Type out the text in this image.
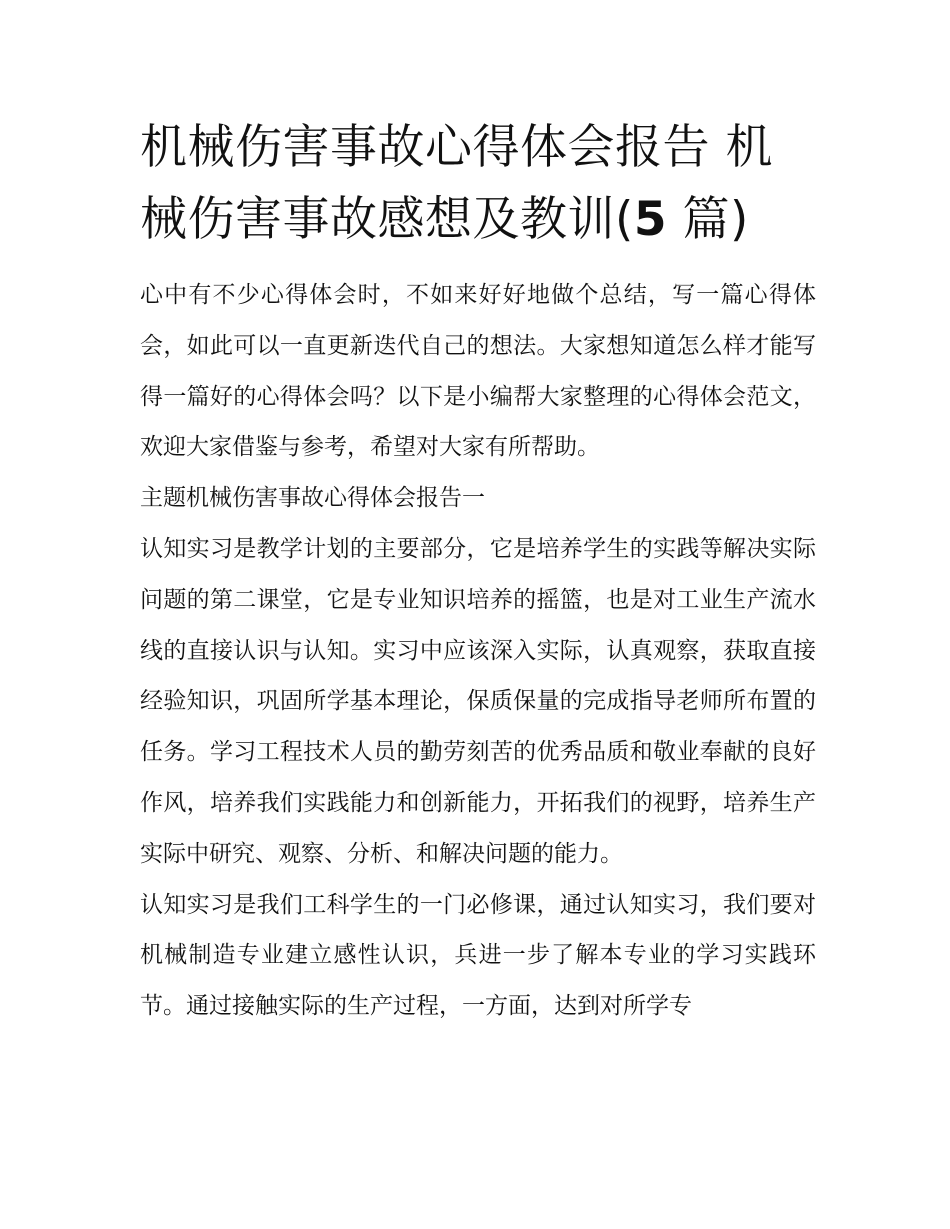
机械伤害事故心得体会报告 机械伤害事故感想及教训(5 篇)

心中有不少心得体会时，不如来好好地做个总结，写一篇心得体会，如此可以一直更新迭代自己的想法。大家想知道怎么样才能写得一篇好的心得体会吗？以下是小编帮大家整理的心得体会范文，欢迎大家借鉴与参考，希望对大家有所帮助。

主题机械伤害事故心得体会报告一

认知实习是教学计划的主要部分，它是培养学生的实践等解决实际问题的第二课堂，它是专业知识培养的摇篮，也是对工业生产流水线的直接认识与认知。实习中应该深入实际，认真观察，获取直接经验知识，巩固所学基本理论，保质保量的完成指导老师所布置的任务。学习工程技术人员的勤劳刻苦的优秀品质和敬业奉献的良好作风，培养我们实践能力和创新能力，开拓我们的视野，培养生产实际中研究、观察、分析、和解决问题的能力。

认知实习是我们工科学生的一门必修课，通过认知实习，我们要对机械制造专业建立感性认识，兵进一步了解本专业的学习实践环节。通过接触实际的生产过程，一方面，达到对所学专
